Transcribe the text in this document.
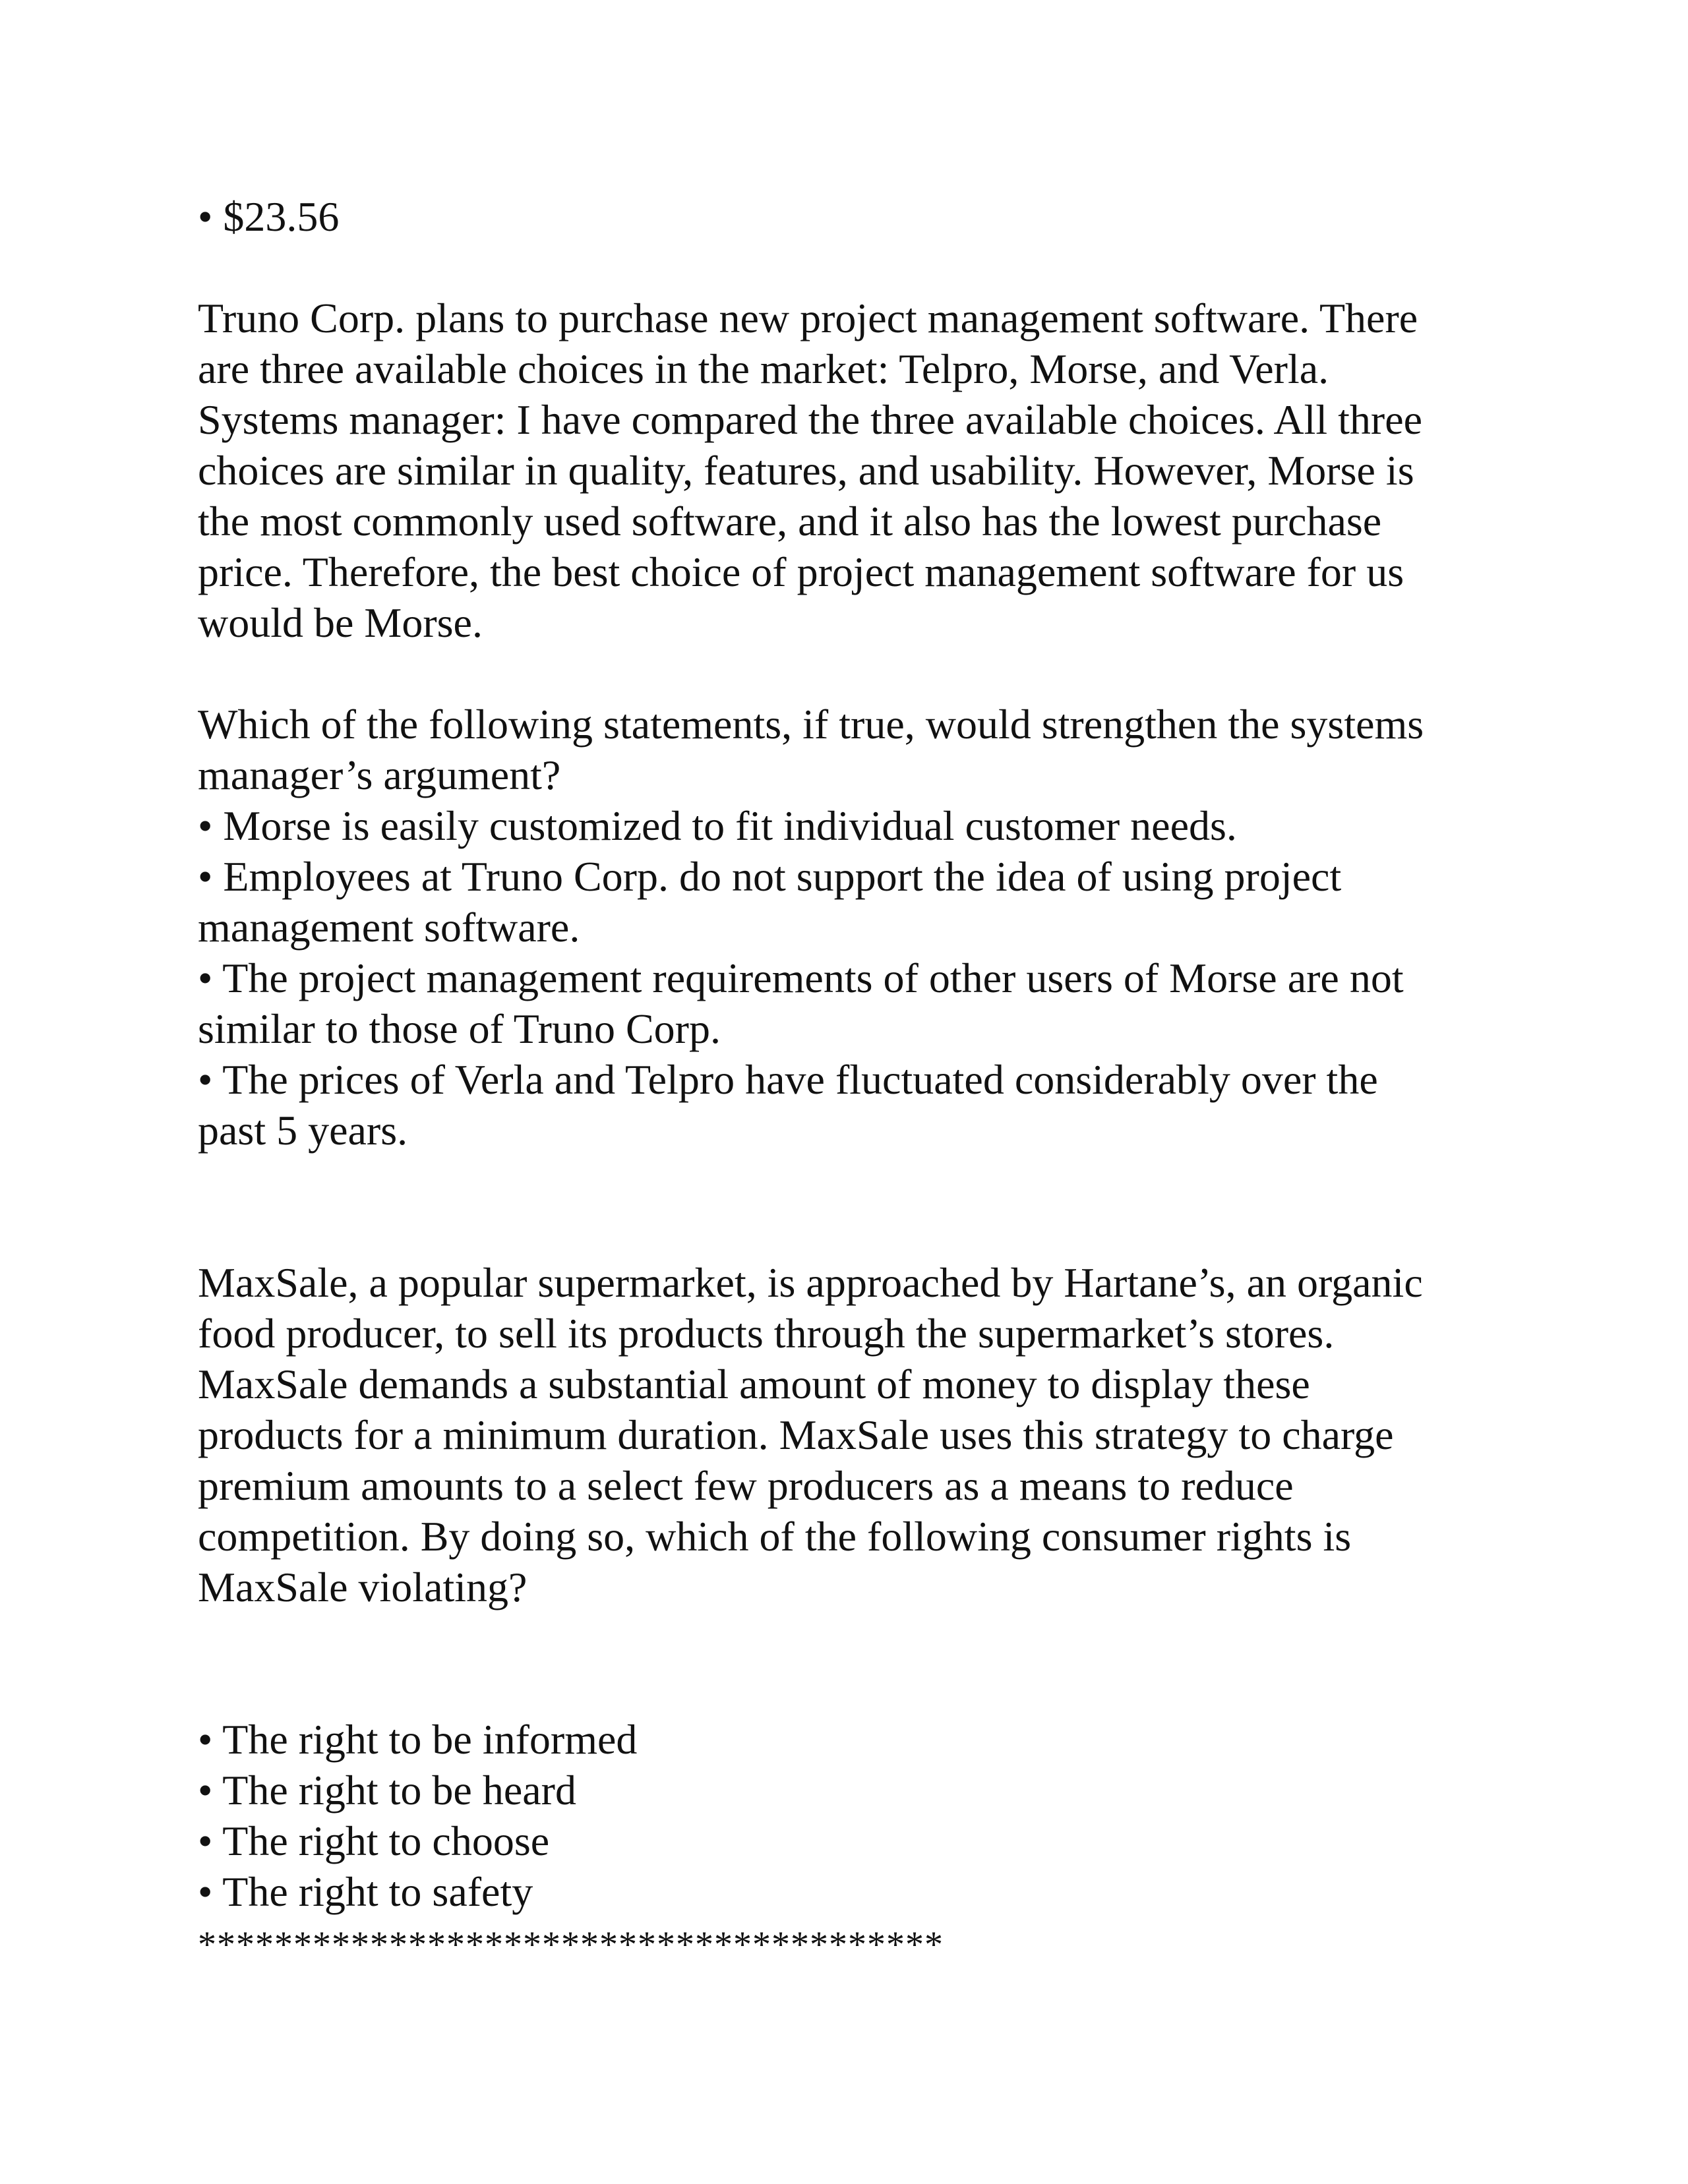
• $23.56
Truno Corp. plans to purchase new project management software. There
are three available choices in the market: Telpro, Morse, and Verla.
Systems manager: I have compared the three available choices. All three
choices are similar in quality, features, and usability. However, Morse is
the most commonly used software, and it also has the lowest purchase
price. Therefore, the best choice of project management software for us
would be Morse.
Which of the following statements, if true, would strengthen the systems
manager’s argument?
• Morse is easily customized to fit individual customer needs.
• Employees at Truno Corp. do not support the idea of using project
management software.
• The project management requirements of other users of Morse are not
similar to those of Truno Corp.
• The prices of Verla and Telpro have fluctuated considerably over the
past 5 years.
MaxSale, a popular supermarket, is approached by Hartane’s, an organic
food producer, to sell its products through the supermarket’s stores.
MaxSale demands a substantial amount of money to display these
products for a minimum duration. MaxSale uses this strategy to charge
premium amounts to a select few producers as a means to reduce
competition. By doing so, which of the following consumer rights is
MaxSale violating?
• The right to be informed
• The right to be heard
• The right to choose
• The right to safety
***************************************
